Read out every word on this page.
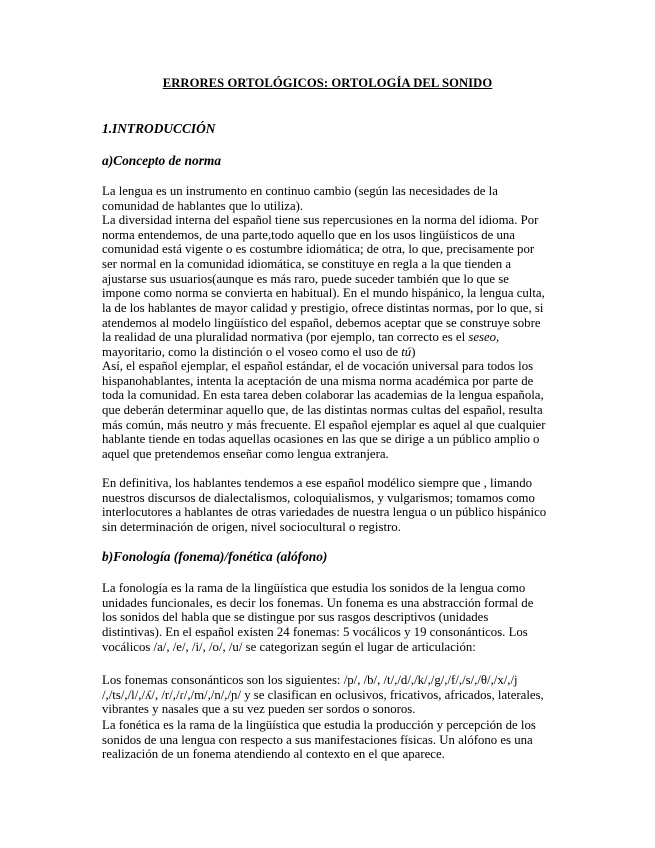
ERRORES ORTOLÓGICOS: ORTOLOGÍA DEL SONIDO
1.INTRODUCCIÓN
a)Concepto de norma

La lengua es un instrumento en continuo cambio (según las necesidades de la comunidad de hablantes que lo utiliza).

La diversidad interna del español tiene sus repercusiones en la norma del idioma. Por norma entendemos, de una parte,todo aquello que en los usos lingüísticos de una comunidad está vigente o es costumbre idiomática; de otra, lo que, precisamente por ser normal en la comunidad idiomática, se constituye en regla a la que tienden a ajustarse sus usuarios(aunque es más raro, puede suceder también que lo que se impone como norma se convierta en habitual). En el mundo hispánico, la lengua culta, la de los hablantes de mayor calidad y prestigio, ofrece distintas normas, por lo que, si atendemos al modelo lingüístico del español, debemos aceptar que se construye sobre la realidad de una pluralidad normativa (por ejemplo, tan correcto es el seseo, mayoritario, como la distinción o el voseo como el uso de tú)

Así, el español ejemplar, el español estándar, el de vocación universal para todos los hispanohablantes, intenta la aceptación de una misma norma académica por parte de toda la comunidad. En esta tarea deben colaborar las academias de la lengua española, que deberán determinar aquello que, de las distintas normas cultas del español, resulta más común, más neutro y más frecuente. El español ejemplar es aquel al que cualquier hablante tiende en todas aquellas ocasiones en las que se dirige a un público amplio o aquel que pretendemos enseñar como lengua extranjera.

En definitiva, los hablantes tendemos a ese español modélico siempre que , limando nuestros discursos de dialectalismos, coloquialismos, y vulgarismos; tomamos como interlocutores a hablantes de otras variedades de nuestra lengua o un público hispánico sin determinación de origen, nivel sociocultural o registro.

b)Fonología (fonema)/fonética (alófono)

La fonología es la rama de la lingüística que estudia los sonidos de la lengua como unidades funcionales, es decir los fonemas. Un fonema es una abstracción formal de los sonidos del habla que se distingue por sus rasgos descriptivos (unidades distintivas). En el español existen 24 fonemas: 5 vocálicos y 19 consonánticos. Los vocálicos /a/, /e/, /i/, /o/, /u/ se categorizan según el lugar de articulación:

Los fonemas consonánticos son los siguientes: /p/, /b/, /t/,/d/,/k/,/g/,/f/,/s/,/θ/,/x/,/j /,/ts/,/l/,/ʎ/, /r/,/ɾ/,/m/,/n/,/ɲ/ y se clasifican en oclusivos, fricativos, africados, laterales, vibrantes y nasales que a su vez pueden ser sordos o sonoros.

La fonética es la rama de la lingüística que estudia la producción y percepción de los sonidos de una lengua con respecto a sus manifestaciones físicas. Un alófono es una realización de un fonema atendiendo al contexto en el que aparece.
